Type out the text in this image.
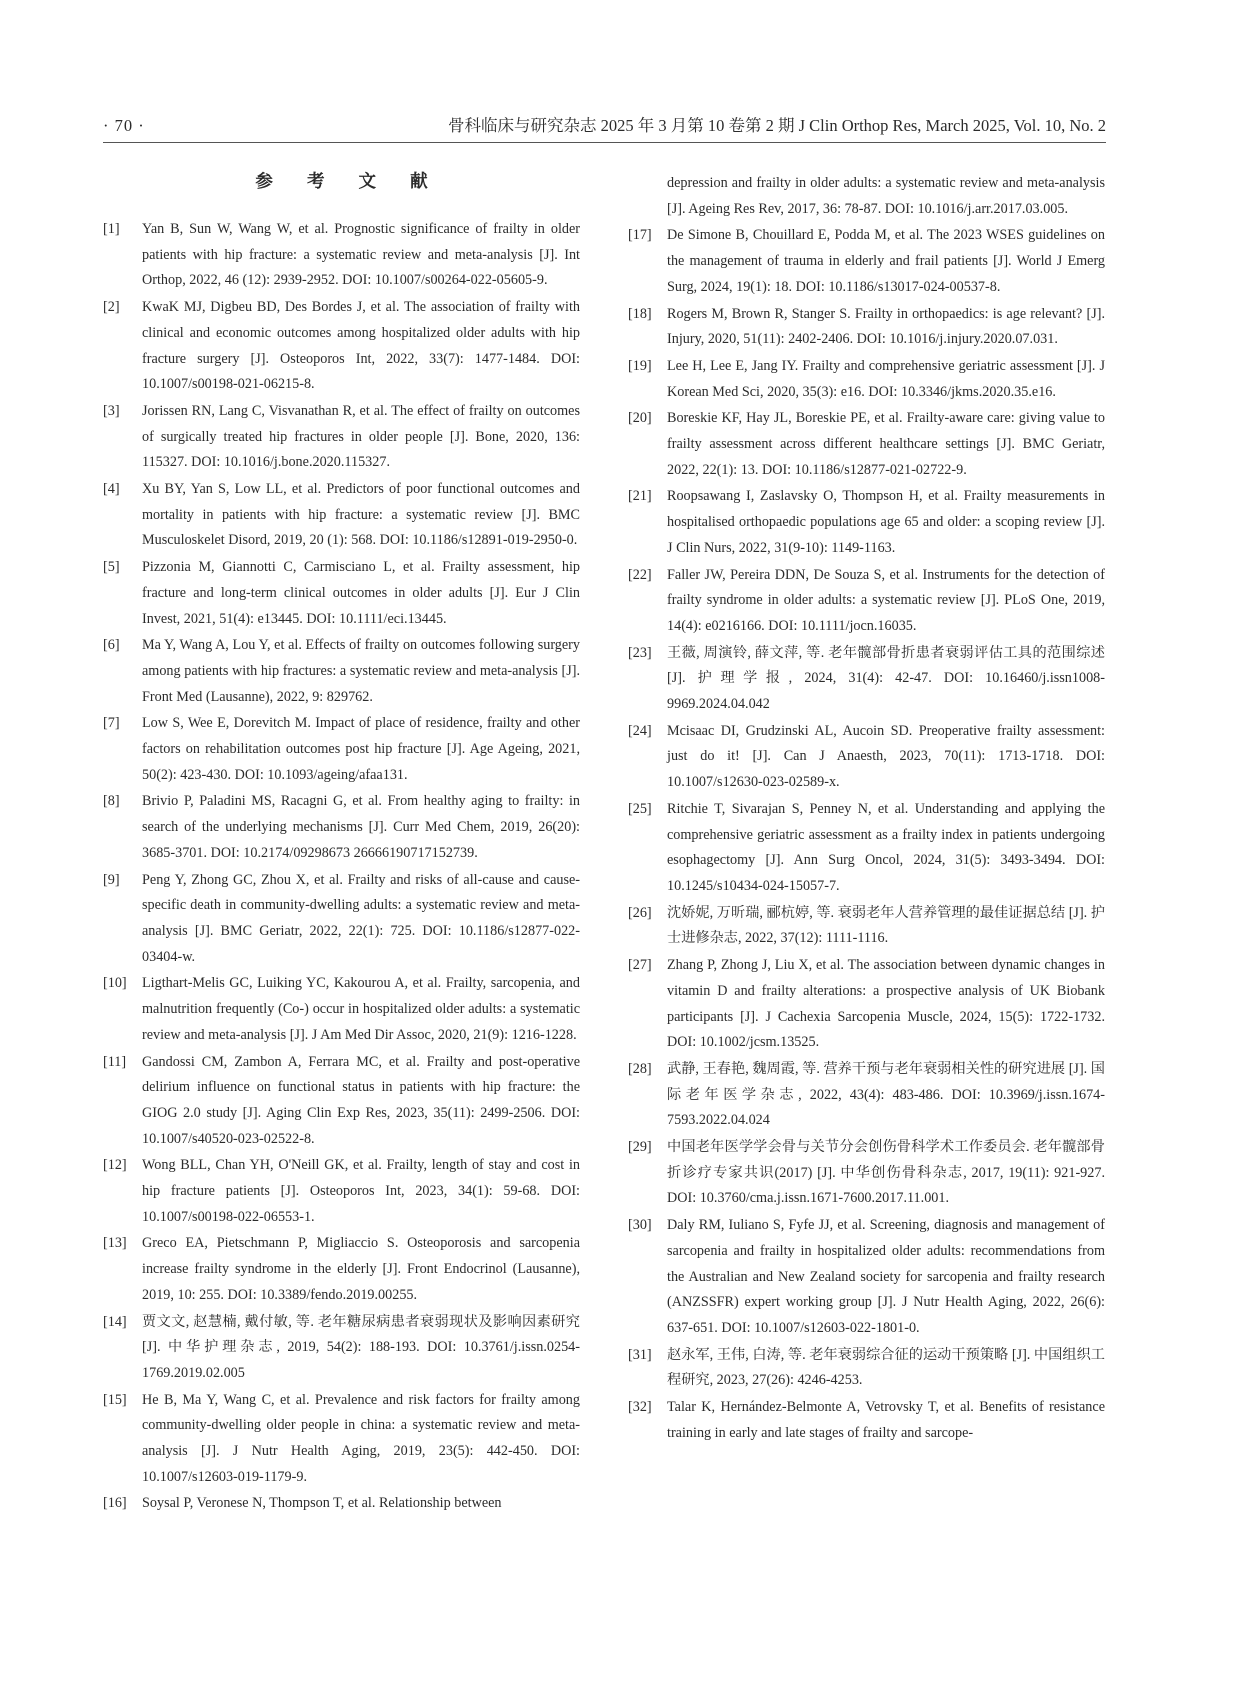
· 70 ·	骨科临床与研究杂志 2025 年 3 月第 10 卷第 2 期 J Clin Orthop Res, March 2025, Vol. 10, No. 2
参 考 文 献
[1] Yan B, Sun W, Wang W, et al. Prognostic significance of frailty in older patients with hip fracture: a systematic review and meta-analysis [J]. Int Orthop, 2022, 46 (12): 2939-2952. DOI: 10.1007/s00264-022-05605-9.
[2] KwaK MJ, Digbeu BD, Des Bordes J, et al. The association of frailty with clinical and economic outcomes among hospitalized older adults with hip fracture surgery [J]. Osteoporos Int, 2022, 33(7): 1477-1484. DOI: 10.1007/s00198-021-06215-8.
[3] Jorissen RN, Lang C, Visvanathan R, et al. The effect of frailty on outcomes of surgically treated hip fractures in older people [J]. Bone, 2020, 136: 115327. DOI: 10.1016/j.bone.2020.115327.
[4] Xu BY, Yan S, Low LL, et al. Predictors of poor functional outcomes and mortality in patients with hip fracture: a systematic review [J]. BMC Musculoskelet Disord, 2019, 20 (1): 568. DOI: 10.1186/s12891-019-2950-0.
[5] Pizzonia M, Giannotti C, Carmisciano L, et al. Frailty assessment, hip fracture and long-term clinical outcomes in older adults [J]. Eur J Clin Invest, 2021, 51(4): e13445. DOI: 10.1111/eci.13445.
[6] Ma Y, Wang A, Lou Y, et al. Effects of frailty on outcomes following surgery among patients with hip fractures: a systematic review and meta-analysis [J]. Front Med (Lausanne), 2022, 9: 829762.
[7] Low S, Wee E, Dorevitch M. Impact of place of residence, frailty and other factors on rehabilitation outcomes post hip fracture [J]. Age Ageing, 2021, 50(2): 423-430. DOI: 10.1093/ageing/afaa131.
[8] Brivio P, Paladini MS, Racagni G, et al. From healthy aging to frailty: in search of the underlying mechanisms [J]. Curr Med Chem, 2019, 26(20): 3685-3701. DOI: 10.2174/09298673 26666190717152739.
[9] Peng Y, Zhong GC, Zhou X, et al. Frailty and risks of all-cause and cause-specific death in community-dwelling adults: a systematic review and meta-analysis [J]. BMC Geriatr, 2022, 22(1): 725. DOI: 10.1186/s12877-022-03404-w.
[10] Ligthart-Melis GC, Luiking YC, Kakourou A, et al. Frailty, sarcopenia, and malnutrition frequently (Co-) occur in hospitalized older adults: a systematic review and meta-analysis [J]. J Am Med Dir Assoc, 2020, 21(9): 1216-1228.
[11] Gandossi CM, Zambon A, Ferrara MC, et al. Frailty and post-operative delirium influence on functional status in patients with hip fracture: the GIOG 2.0 study [J]. Aging Clin Exp Res, 2023, 35(11): 2499-2506. DOI: 10.1007/s40520-023-02522-8.
[12] Wong BLL, Chan YH, O'Neill GK, et al. Frailty, length of stay and cost in hip fracture patients [J]. Osteoporos Int, 2023, 34(1): 59-68. DOI: 10.1007/s00198-022-06553-1.
[13] Greco EA, Pietschmann P, Migliaccio S. Osteoporosis and sarcopenia increase frailty syndrome in the elderly [J]. Front Endocrinol (Lausanne), 2019, 10: 255. DOI: 10.3389/fendo.2019.00255.
[14] 贾文文, 赵慧楠, 戴付敏, 等. 老年糖尿病患者衰弱现状及影响因素研究 [J]. 中华护理杂志, 2019, 54(2): 188-193. DOI: 10.3761/j.issn.0254-1769.2019.02.005
[15] He B, Ma Y, Wang C, et al. Prevalence and risk factors for frailty among community-dwelling older people in china: a systematic review and meta-analysis [J]. J Nutr Health Aging, 2019, 23(5): 442-450. DOI: 10.1007/s12603-019-1179-9.
[16] Soysal P, Veronese N, Thompson T, et al. Relationship between
depression and frailty in older adults: a systematic review and meta-analysis [J]. Ageing Res Rev, 2017, 36: 78-87. DOI: 10.1016/j.arr.2017.03.005.
[17] De Simone B, Chouillard E, Podda M, et al. The 2023 WSES guidelines on the management of trauma in elderly and frail patients [J]. World J Emerg Surg, 2024, 19(1): 18. DOI: 10.1186/s13017-024-00537-8.
[18] Rogers M, Brown R, Stanger S. Frailty in orthopaedics: is age relevant? [J]. Injury, 2020, 51(11): 2402-2406. DOI: 10.1016/j.injury.2020.07.031.
[19] Lee H, Lee E, Jang IY. Frailty and comprehensive geriatric assessment [J]. J Korean Med Sci, 2020, 35(3): e16. DOI: 10.3346/jkms.2020.35.e16.
[20] Boreskie KF, Hay JL, Boreskie PE, et al. Frailty-aware care: giving value to frailty assessment across different healthcare settings [J]. BMC Geriatr, 2022, 22(1): 13. DOI: 10.1186/s12877-021-02722-9.
[21] Roopsawang I, Zaslavsky O, Thompson H, et al. Frailty measurements in hospitalised orthopaedic populations age 65 and older: a scoping review [J]. J Clin Nurs, 2022, 31(9-10): 1149-1163.
[22] Faller JW, Pereira DDN, De Souza S, et al. Instruments for the detection of frailty syndrome in older adults: a systematic review [J]. PLoS One, 2019, 14(4): e0216166. DOI: 10.1111/jocn.16035.
[23] 王薇, 周演铃, 薛文萍, 等. 老年髋部骨折患者衰弱评估工具的范围综述 [J]. 护理学报, 2024, 31(4): 42-47. DOI: 10.16460/j.issn1008-9969.2024.04.042
[24] Mcisaac DI, Grudzinski AL, Aucoin SD. Preoperative frailty assessment: just do it! [J]. Can J Anaesth, 2023, 70(11): 1713-1718. DOI: 10.1007/s12630-023-02589-x.
[25] Ritchie T, Sivarajan S, Penney N, et al. Understanding and applying the comprehensive geriatric assessment as a frailty index in patients undergoing esophagectomy [J]. Ann Surg Oncol, 2024, 31(5): 3493-3494. DOI: 10.1245/s10434-024-15057-7.
[26] 沈娇妮, 万昕瑞, 郦杭婷, 等. 衰弱老年人营养管理的最佳证据总结 [J]. 护士进修杂志, 2022, 37(12): 1111-1116.
[27] Zhang P, Zhong J, Liu X, et al. The association between dynamic changes in vitamin D and frailty alterations: a prospective analysis of UK Biobank participants [J]. J Cachexia Sarcopenia Muscle, 2024, 15(5): 1722-1732. DOI: 10.1002/jcsm.13525.
[28] 武静, 王春艳, 魏周霞, 等. 营养干预与老年衰弱相关性的研究进展 [J]. 国际老年医学杂志, 2022, 43(4): 483-486. DOI: 10.3969/j.issn.1674-7593.2022.04.024
[29] 中国老年医学学会骨与关节分会创伤骨科学术工作委员会. 老年髋部骨折诊疗专家共识(2017) [J]. 中华创伤骨科杂志, 2017, 19(11): 921-927. DOI: 10.3760/cma.j.issn.1671-7600.2017.11.001.
[30] Daly RM, Iuliano S, Fyfe JJ, et al. Screening, diagnosis and management of sarcopenia and frailty in hospitalized older adults: recommendations from the Australian and New Zealand society for sarcopenia and frailty research (ANZSSFR) expert working group [J]. J Nutr Health Aging, 2022, 26(6): 637-651. DOI: 10.1007/s12603-022-1801-0.
[31] 赵永军, 王伟, 白涛, 等. 老年衰弱综合征的运动干预策略 [J]. 中国组织工程研究, 2023, 27(26): 4246-4253.
[32] Talar K, Hernández-Belmonte A, Vetrovsky T, et al. Benefits of resistance training in early and late stages of frailty and sarcope-
